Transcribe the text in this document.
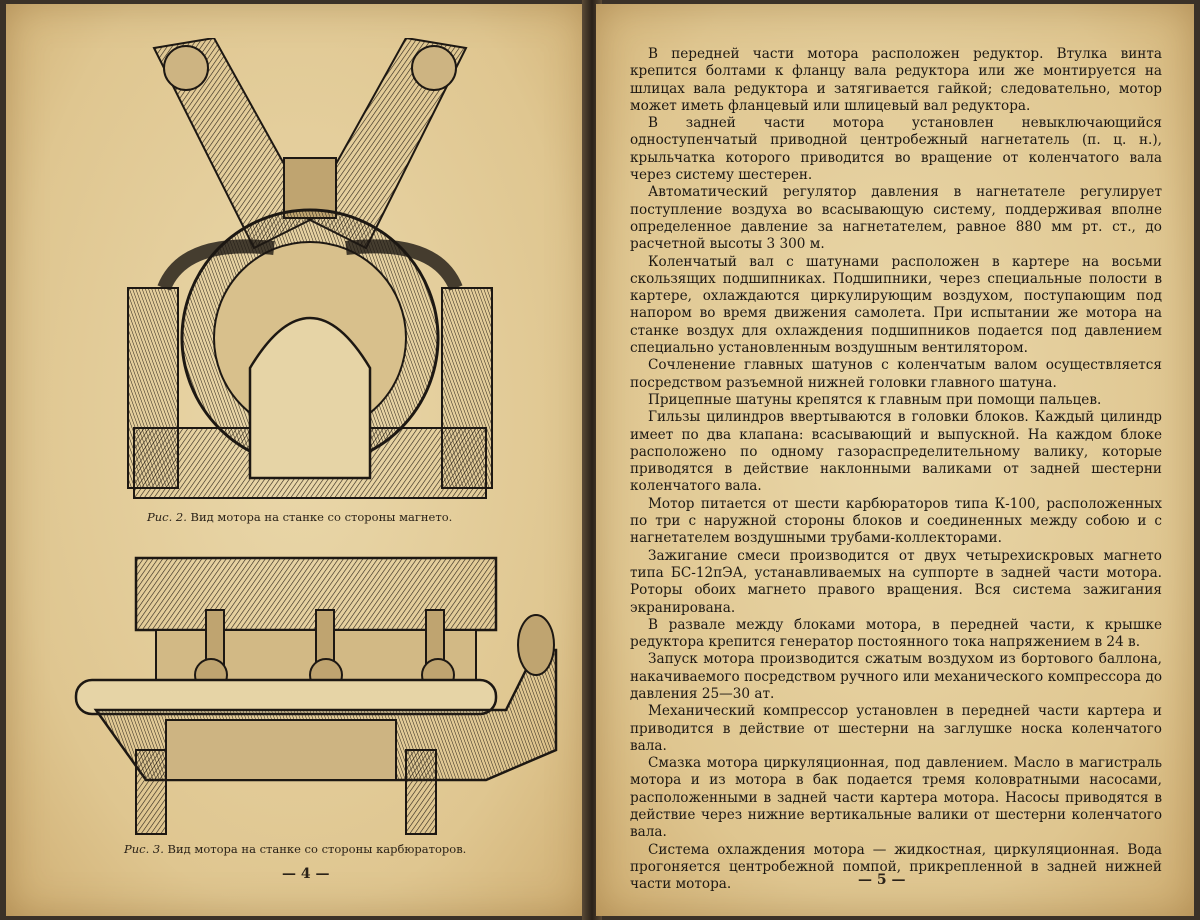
Рис. 2. Вид мотора на станке со стороны магнето.
Рис. 3. Вид мотора на станке со стороны карбюраторов.
— 4 —

В передней части мотора расположен редуктор. Втулка винта крепится болтами к фланцу вала редуктора или же монтируется на шлицах вала редуктора и затягивается гайкой; следовательно, мотор может иметь фланцевый или шлицевый вал редуктора.

В задней части мотора установлен невыключающийся одноступенчатый приводной центробежный нагнетатель (п. ц. н.), крыльчатка которого приводится во вращение от коленчатого вала через систему шестерен.

Автоматический регулятор давления в нагнетателе регулирует поступление воздуха во всасывающую систему, поддерживая вполне определенное давление за нагнетателем, равное 880 мм рт. ст., до расчетной высоты 3 300 м.

Коленчатый вал с шатунами расположен в картере на восьми скользящих подшипниках. Подшипники, через специальные полости в картере, охлаждаются циркулирующим воздухом, поступающим под напором во время движения самолета. При испытании же мотора на станке воздух для охлаждения подшипников подается под давлением специально установленным воздушным вентилятором.

Сочленение главных шатунов с коленчатым валом осуществляется посредством разъемной нижней головки главного шатуна.

Прицепные шатуны крепятся к главным при помощи пальцев.

Гильзы цилиндров ввертываются в головки блоков. Каждый цилиндр имеет по два клапана: всасывающий и выпускной. На каждом блоке расположено по одному газораспределительному валику, которые приводятся в действие наклонными валиками от задней шестерни коленчатого вала.

Мотор питается от шести карбюраторов типа К-100, расположенных по три с наружной стороны блоков и соединенных между собою и с нагнетателем воздушными трубами-коллекторами.

Зажигание смеси производится от двух четырехискровых магнето типа БС-12пЭА, устанавливаемых на суппорте в задней части мотора. Роторы обоих магнето правого вращения. Вся система зажигания экранирована.

В развале между блоками мотора, в передней части, к крышке редуктора крепится генератор постоянного тока напряжением в 24 в.

Запуск мотора производится сжатым воздухом из бортового баллона, накачиваемого посредством ручного или механического компрессора до давления 25—30 ат.

Механический компрессор установлен в передней части картера и приводится в действие от шестерни на заглушке носка коленчатого вала.

Смазка мотора циркуляционная, под давлением. Масло в магистраль мотора и из мотора в бак подается тремя коловратными насосами, расположенными в задней части картера мотора. Насосы приводятся в действие через нижние вертикальные валики от шестерни коленчатого вала.

Система охлаждения мотора — жидкостная, циркуляционная. Вода прогоняется центробежной помпой, прикрепленной в задней нижней части мотора.	— 5 —
